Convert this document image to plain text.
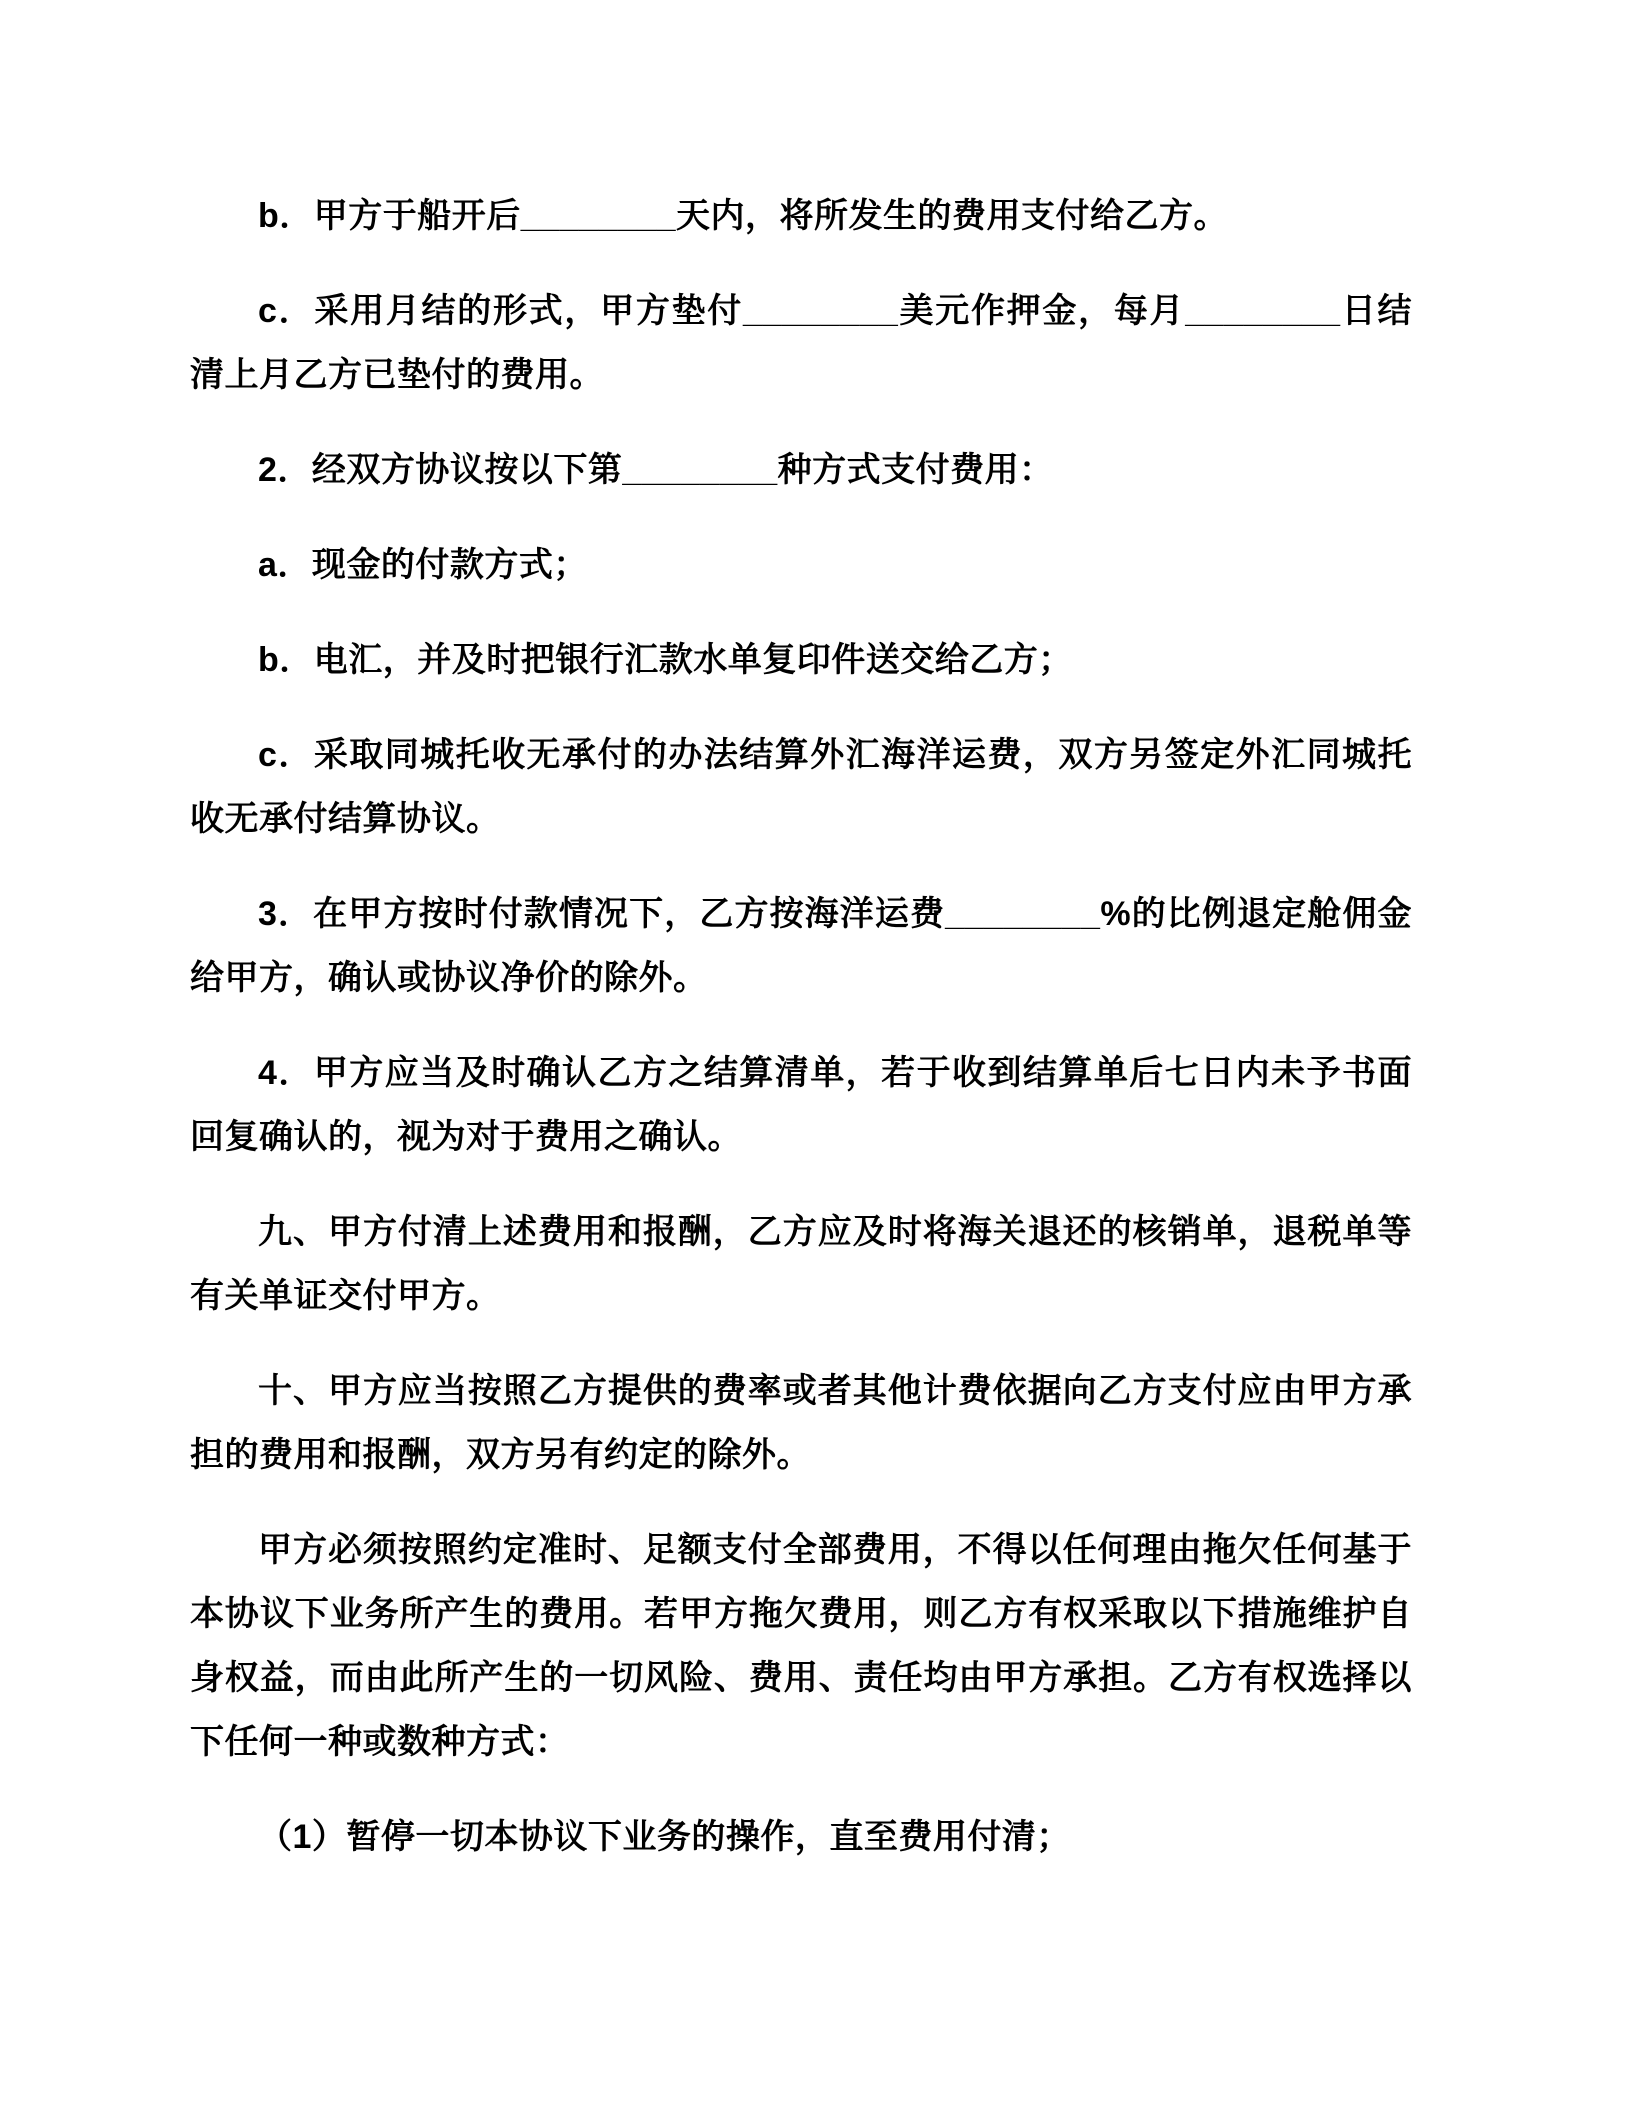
b．甲方于船开后________天内，将所发生的费用支付给乙方。

c．采用月结的形式，甲方垫付________美元作押金，每月________日结清上月乙方已垫付的费用。

2．经双方协议按以下第________种方式支付费用：

a．现金的付款方式；

b．电汇，并及时把银行汇款水单复印件送交给乙方；

c．采取同城托收无承付的办法结算外汇海洋运费，双方另签定外汇同城托收无承付结算协议。

3．在甲方按时付款情况下，乙方按海洋运费________%的比例退定舱佣金给甲方，确认或协议净价的除外。

4．甲方应当及时确认乙方之结算清单，若于收到结算单后七日内未予书面回复确认的，视为对于费用之确认。

九、甲方付清上述费用和报酬，乙方应及时将海关退还的核销单，退税单等有关单证交付甲方。

十、甲方应当按照乙方提供的费率或者其他计费依据向乙方支付应由甲方承担的费用和报酬，双方另有约定的除外。

甲方必须按照约定准时、足额支付全部费用，不得以任何理由拖欠任何基于本协议下业务所产生的费用。若甲方拖欠费用，则乙方有权采取以下措施维护自身权益，而由此所产生的一切风险、费用、责任均由甲方承担。乙方有权选择以下任何一种或数种方式：

（1）暂停一切本协议下业务的操作，直至费用付清；
